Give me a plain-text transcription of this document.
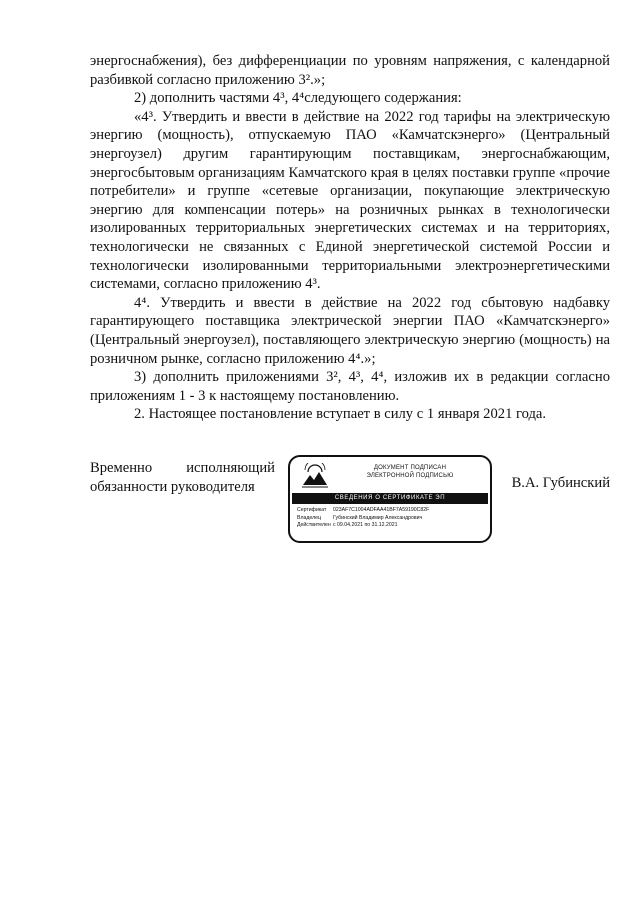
энергоснабжения), без дифференциации по уровням напряжения, с календарной разбивкой согласно приложению 3².»;

2) дополнить частями 4³, 4⁴следующего содержания:

«4³. Утвердить и ввести в действие на 2022 год тарифы на электрическую энергию (мощность), отпускаемую ПАО «Камчатскэнерго» (Центральный энергоузел) другим гарантирующим поставщикам, энергоснабжающим, энергосбытовым организациям Камчатского края в целях поставки группе «прочие потребители» и группе «сетевые организации, покупающие электрическую энергию для компенсации потерь» на розничных рынках в технологически изолированных территориальных энергетических системах и на территориях, технологически не связанных с Единой энергетической системой России и технологически изолированными территориальными электроэнергетическими системами, согласно приложению 4³.

4⁴. Утвердить и ввести в действие на 2022 год сбытовую надбавку гарантирующего поставщика электрической энергии ПАО «Камчатскэнерго» (Центральный энергоузел), поставляющего электрическую энергию (мощность) на розничном рынке, согласно приложению 4⁴.»;

3) дополнить приложениями 3², 4³, 4⁴, изложив их в редакции согласно приложениям 1 - 3 к настоящему постановлению.

2. Настоящее постановление вступает в силу с 1 января 2021 года.

Временно исполняющий
обязанности руководителя
ДОКУМЕНТ ПОДПИСАН
ЭЛЕКТРОННОЙ ПОДПИСЬЮ
СВЕДЕНИЯ О СЕРТИФИКАТЕ ЭП
Сертификат	023AF7C1004ADFAA41BF7A59190C82F
Владелец	Губинский Владимир Александрович
Действителен с 09.04.2021 по 31.12.2021
В.А. Губинский
